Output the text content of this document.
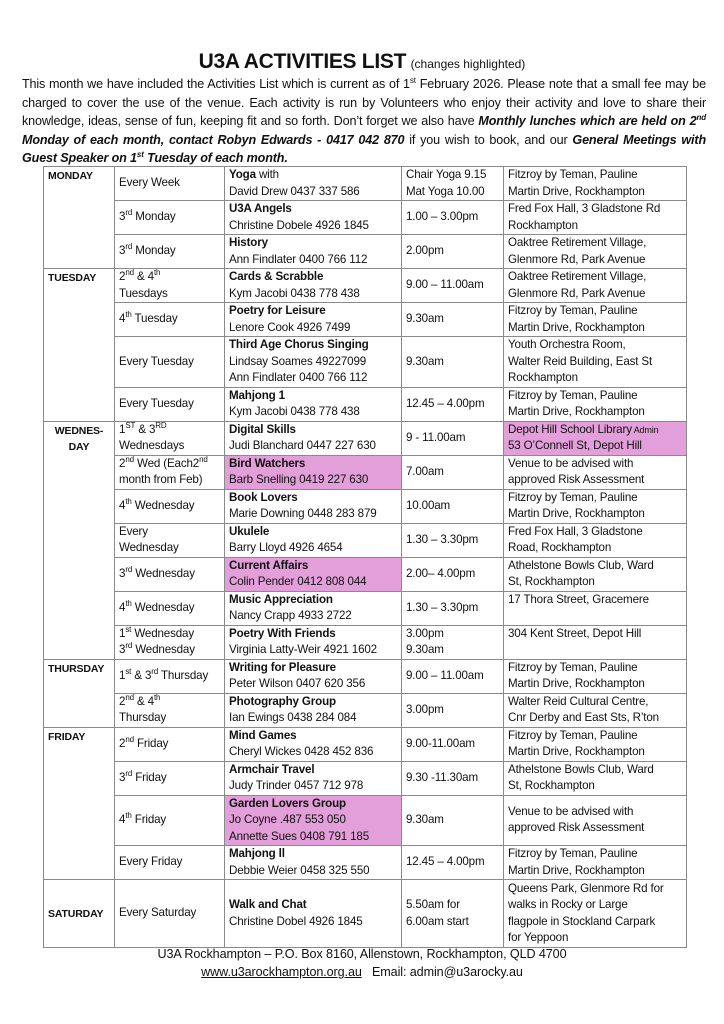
U3A ACTIVITIES LIST (changes highlighted)
This month we have included the Activities List which is current as of 1st February 2026. Please note that a small fee may be charged to cover the use of the venue. Each activity is run by Volunteers who enjoy their activity and love to share their knowledge, ideas, sense of fun, keeping fit and so forth. Don’t forget we also have Monthly lunches which are held on 2nd Monday of each month, contact Robyn Edwards - 0417 042 870 if you wish to book, and our General Meetings with Guest Speaker on 1st Tuesday of each month.
MONDAY	Every Week	Yoga with
David Drew 0437 337 586	Chair Yoga 9.15
Mat Yoga 10.00	Fitzroy by Teman, Pauline
Martin Drive, Rockhampton

	3rd Monday	U3A Angels
Christine Dobele 4926 1845	1.00 – 3.00pm	Fred Fox Hall, 3 Gladstone Rd
Rockhampton

	3rd Monday	History
Ann Findlater 0400 766 112	2.00pm	Oaktree Retirement Village,
Glenmore Rd, Park Avenue

TUESDAY	2nd & 4th
Tuesdays	Cards & Scrabble
Kym Jacobi 0438 778 438	9.00 – 11.00am	Oaktree Retirement Village,
Glenmore Rd, Park Avenue

	4th Tuesday	Poetry for Leisure
Lenore Cook 4926 7499	9.30am	Fitzroy by Teman, Pauline
Martin Drive, Rockhampton

	Every Tuesday	Third Age Chorus Singing
Lindsay Soames 49227099
Ann Findlater 0400 766 112	9.30am	Youth Orchestra Room,
Walter Reid Building, East St
Rockhampton

	Every Tuesday	Mahjong 1
Kym Jacobi 0438 778 438	12.45 – 4.00pm	Fitzroy by Teman, Pauline
Martin Drive, Rockhampton

WEDNES-
DAY	1ST & 3RD
Wednesdays	Digital Skills
Judi Blanchard 0447 227 630	9 - 11.00am	Depot Hill School Library Admin
53 O’Connell St, Depot Hill

	2nd Wed (Each2nd
month from Feb)	Bird Watchers
Barb Snelling 0419 227 630	7.00am	Venue to be advised with
approved Risk Assessment

	4th Wednesday	Book Lovers
Marie Downing 0448 283 879	10.00am	Fitzroy by Teman, Pauline
Martin Drive, Rockhampton

	Every
Wednesday	Ukulele
Barry Lloyd 4926 4654	1.30 – 3.30pm	Fred Fox Hall, 3 Gladstone
Road, Rockhampton

	3rd Wednesday	Current Affairs
Colin Pender 0412 808 044	2.00– 4.00pm	Athelstone Bowls Club, Ward
St, Rockhampton

	4th Wednesday	Music Appreciation
Nancy Crapp 4933 2722	1.30 – 3.30pm	17 Thora Street, Gracemere

	1st Wednesday
3rd Wednesday	Poetry With Friends
Virginia Latty-Weir 4921 1602	3.00pm
9.30am	304 Kent Street, Depot Hill

THURSDAY	1st & 3rd Thursday	Writing for Pleasure
Peter Wilson 0407 620 356	9.00 – 11.00am	Fitzroy by Teman, Pauline
Martin Drive, Rockhampton

	2nd & 4th
Thursday	Photography Group
Ian Ewings 0438 284 084	3.00pm	Walter Reid Cultural Centre,
Cnr Derby and East Sts, R’ton

FRIDAY	2nd Friday	Mind Games
Cheryl Wickes 0428 452 836	9.00-11.00am	Fitzroy by Teman, Pauline
Martin Drive, Rockhampton

	3rd Friday	Armchair Travel
Judy Trinder 0457 712 978	9.30 -11.30am	Athelstone Bowls Club, Ward
St, Rockhampton

	4th Friday	Garden Lovers Group
Jo Coyne .487 553 050
Annette Sues 0408 791 185	9.30am	Venue to be advised with
approved Risk Assessment

	Every Friday	Mahjong ll
Debbie Weier 0458 325 550	12.45 – 4.00pm	Fitzroy by Teman, Pauline
Martin Drive, Rockhampton

SATURDAY	Every Saturday	Walk and Chat
Christine Dobel 4926 1845	5.50am for
6.00am start	Queens Park, Glenmore Rd for
walks in Rocky or Large
flagpole in Stockland Carpark
for Yeppoon
U3A Rockhampton – P.O. Box 8160, Allenstown, Rockhampton, QLD 4700
www.u3arockhampton.org.au Email: admin@u3arocky.au
